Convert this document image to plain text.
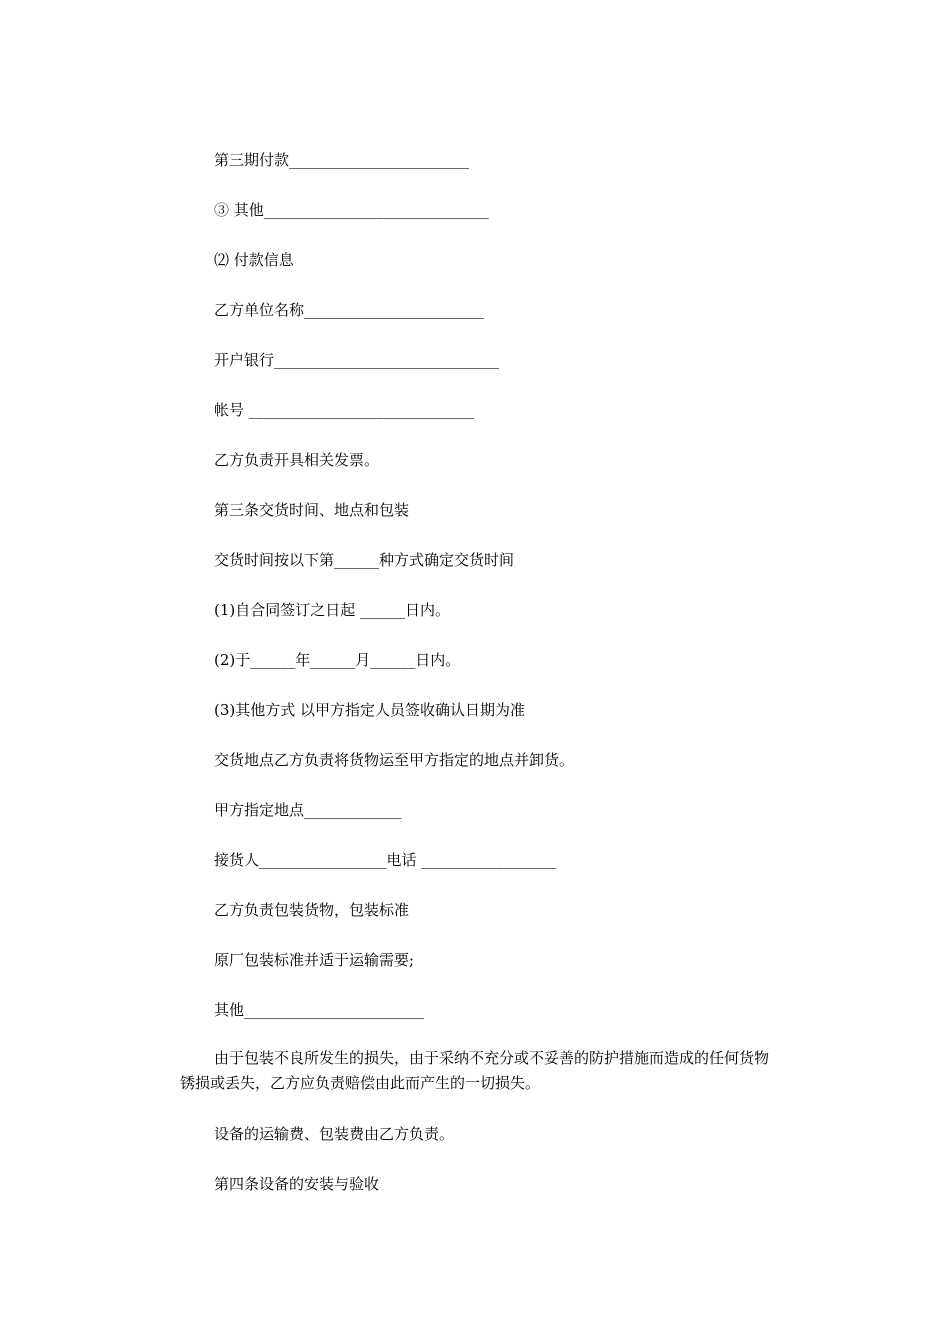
第三期付款________________________
③ 其他______________________________
⑵ 付款信息
乙方单位名称________________________
开户银行______________________________
帐号 ______________________________
乙方负责开具相关发票。
第三条交货时间、地点和包装
交货时间按以下第______种方式确定交货时间
(1)自合同签订之日起 ______日内。
(2)于______年______月______日内。
(3)其他方式 以甲方指定人员签收确认日期为准
交货地点乙方负责将货物运至甲方指定的地点并卸货。
甲方指定地点_____________
接货人_________________电话 __________________
乙方负责包装货物，包装标准
原厂包装标准并适于运输需要;
其他________________________
由于包装不良所发生的损失，由于采纳不充分或不妥善的防护措施而造成的任何货物锈损或丢失，乙方应负责赔偿由此而产生的一切损失。
设备的运输费、包装费由乙方负责。
第四条设备的安装与验收
